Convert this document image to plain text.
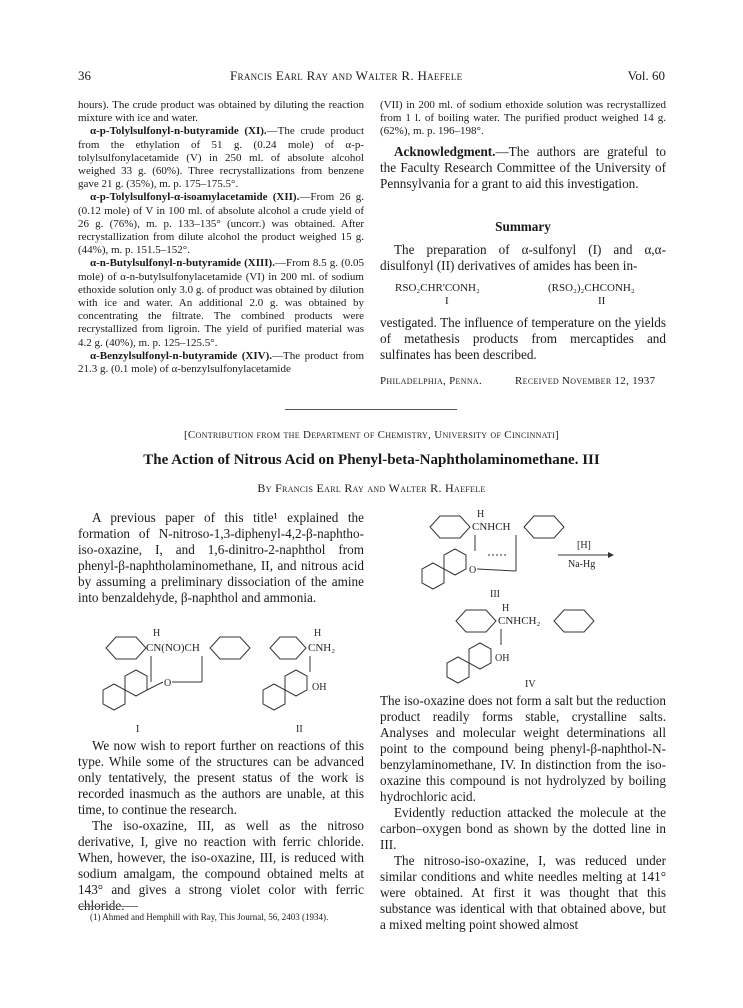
36	Francis Earl Ray and Walter R. Haefele	Vol. 60

hours). The crude product was obtained by diluting the reaction mixture with ice and water.

α-p-Tolylsulfonyl-n-butyramide (XI).—The crude product from the ethylation of 51 g. (0.24 mole) of α-p-tolylsulfonylacetamide (V) in 250 ml. of absolute alcohol weighed 33 g. (60%). Three recrystallizations from benzene gave 21 g. (35%), m. p. 175–175.5°.

α-p-Tolylsulfonyl-α-isoamylacetamide (XII).—From 26 g. (0.12 mole) of V in 100 ml. of absolute alcohol a crude yield of 26 g. (76%), m. p. 133–135° (uncorr.) was obtained. After recrystallization from dilute alcohol the product weighed 15 g. (44%), m. p. 151.5–152°.

α-n-Butylsulfonyl-n-butyramide (XIII).—From 8.5 g. (0.05 mole) of α-n-butylsulfonylacetamide (VI) in 200 ml. of sodium ethoxide solution only 3.0 g. of product was obtained by dilution with ice and water. An additional 2.0 g. was obtained by concentrating the filtrate. The combined products were recrystallized from ligroin. The yield of purified material was 4.2 g. (40%), m. p. 125–125.5°.

α-Benzylsulfonyl-n-butyramide (XIV).—The product from 21.3 g. (0.1 mole) of α-benzylsulfonylacetamide

(VII) in 200 ml. of sodium ethoxide solution was recrystallized from 1 l. of boiling water. The purified product weighed 14 g. (62%), m. p. 196–198°.

Acknowledgment.—The authors are grateful to the Faculty Research Committee of the University of Pennsylvania for a grant to aid this investigation.

Summary

The preparation of α-sulfonyl (I) and α,α-disulfonyl (II) derivatives of amides has been in-

RSO₂CHR'CONH₂
I
(RSO₂)₂CHCONH₂
II

vestigated. The influence of temperature on the yields of metathesis products from mercaptides and sulfinates has been described.

Philadelphia, Penna.	Received November 12, 1937
[Contribution from the Department of Chemistry, University of Cincinnati]
The Action of Nitrous Acid on Phenyl-beta-Naphtholaminomethane. III
By Francis Earl Ray and Walter R. Haefele

A previous paper of this title¹ explained the formation of N-nitroso-1,3-diphenyl-4,2-β-naphtho-iso-oxazine, I, and 1,6-dinitro-2-naphthol from phenyl-β-naphtholaminomethane, II, and nitrous acid by assuming a preliminary dissociation of the amine into benzaldehyde, β-naphthol and ammonia.

H
CN(NO)CH
O
I
H
CNH₂
OH
II

We now wish to report further on reactions of this type. While some of the structures can be advanced only tentatively, the present status of the work is recorded inasmuch as the authors are unable, at this time, to continue the research.

The iso-oxazine, III, as well as the nitroso derivative, I, give no reaction with ferric chloride. When, however, the iso-oxazine, III, is reduced with sodium amalgam, the compound obtained melts at 143° and gives a strong violet color with ferric chloride.

(1) Ahmed and Hemphill with Ray, This Journal, 56, 2403 (1934).

H
CNHCH
O
III
[H]
Na-Hg
H
CNHCH₂
OH
IV

The iso-oxazine does not form a salt but the reduction product readily forms stable, crystalline salts. Analyses and molecular weight determinations all point to the compound being phenyl-β-naphthol-N-benzylaminomethane, IV. In distinction from the iso-oxazine this compound is not hydrolyzed by boiling hydrochloric acid.

Evidently reduction attacked the molecule at the carbon–oxygen bond as shown by the dotted line in III.

The nitroso-iso-oxazine, I, was reduced under similar conditions and white needles melting at 141° were obtained. At first it was thought that this substance was identical with that obtained above, but a mixed melting point showed almost
